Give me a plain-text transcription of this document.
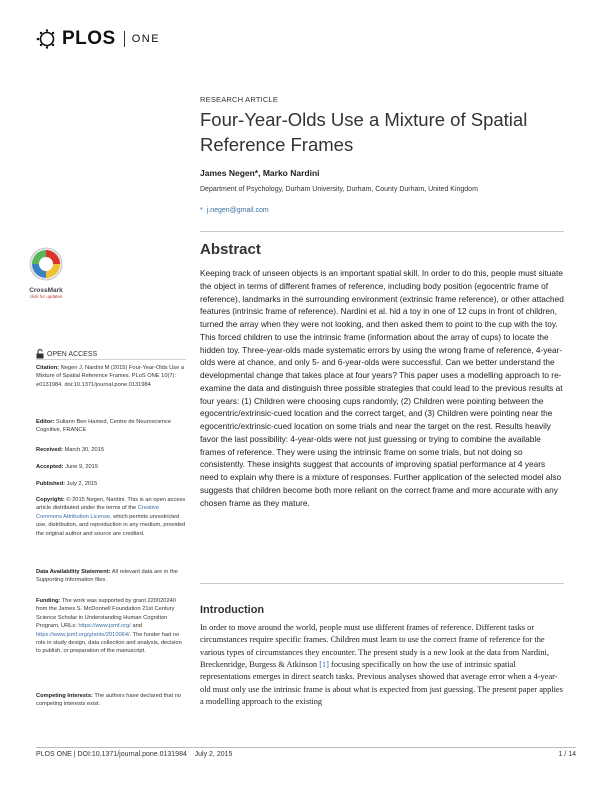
PLOS ONE
RESEARCH ARTICLE
Four-Year-Olds Use a Mixture of Spatial Reference Frames
James Negen*, Marko Nardini
Department of Psychology, Durham University, Durham, County Durham, United Kingdom
* j.negen@gmail.com
CrossMark
click for updates
OPEN ACCESS
Citation: Negen J, Nardini M (2015) Four-Year-Olds Use a Mixture of Spatial Reference Frames. PLoS ONE 10(7): e0131984. doi:10.1371/journal.pone.0131984
Editor: Suliann Ben Hamed, Centre de Neuroscience Cognitive, FRANCE
Received: March 30, 2015
Accepted: June 9, 2015
Published: July 2, 2015
Copyright: © 2015 Negen, Nardini. This is an open access article distributed under the terms of the Creative Commons Attribution License, which permits unrestricted use, distribution, and reproduction in any medium, provided the original author and source are credited.
Data Availability Statement: All relevant data are in the Supporting Information files.
Funding: The work was supported by grant 220020240 from the James S. McDonnell Foundation 21st Century Science Scholar in Understanding Human Cognition Program, URLs: https://www.jsmf.org/ and https://www.jsmf.org/grants/2010064/. The funder had no role in study design, data collection and analysis, decision to publish, or preparation of the manuscript.
Competing Interests: The authors have declared that no competing interests exist.
Abstract

Keeping track of unseen objects is an important spatial skill. In order to do this, people must situate the object in terms of different frames of reference, including body position (egocentric frame of reference), landmarks in the surrounding environment (extrinsic frame reference), or other attached features (intrinsic frame of reference). Nardini et al. hid a toy in one of 12 cups in front of children, turned the array when they were not looking, and then asked them to point to the cup with the toy. This forced children to use the intrinsic frame (information about the array of cups) to locate the hidden toy. Three-year-olds made systematic errors by using the wrong frame of reference, 4-year-olds were at chance, and only 5- and 6-year-olds were successful. Can we better understand the developmental change that takes place at four years? This paper uses a modelling approach to re-examine the data and distinguish three possible strategies that could lead to the previous results at four years: (1) Children were choosing cups randomly, (2) Children were pointing between the egocentric/extrinsic-cued location and the correct target, and (3) Children were pointing near the egocentric/extrinsic-cued location on some trials and near the target on the rest. Results heavily favor the last possibility: 4-year-olds were not just guessing or trying to combine the available frames of reference. They were using the intrinsic frame on some trials, but not doing so consistently. These insights suggest that accounts of improving spatial performance at 4 years need to explain why there is a mixture of responses. Further application of the selected model also suggests that children become both more reliant on the correct frame and more accurate with any chosen frame as they mature.

Introduction

In order to move around the world, people must use different frames of reference. Different tasks or circumstances require specific frames. Children must learn to use the correct frame of reference for the various types of circumstances they encounter. The present study is a new look at the data from Nardini, Breckenridge, Burgess & Atkinson [1] focusing specifically on how the use of intrinsic spatial representations emerges in direct search tasks. Previous analyses showed that average error when a 4-year-old must only use the intrinsic frame is about what is expected from just guessing. The present paper applies a modelling approach to the existing

PLOS ONE | DOI:10.1371/journal.pone.0131984    July 2, 2015	1 / 14
